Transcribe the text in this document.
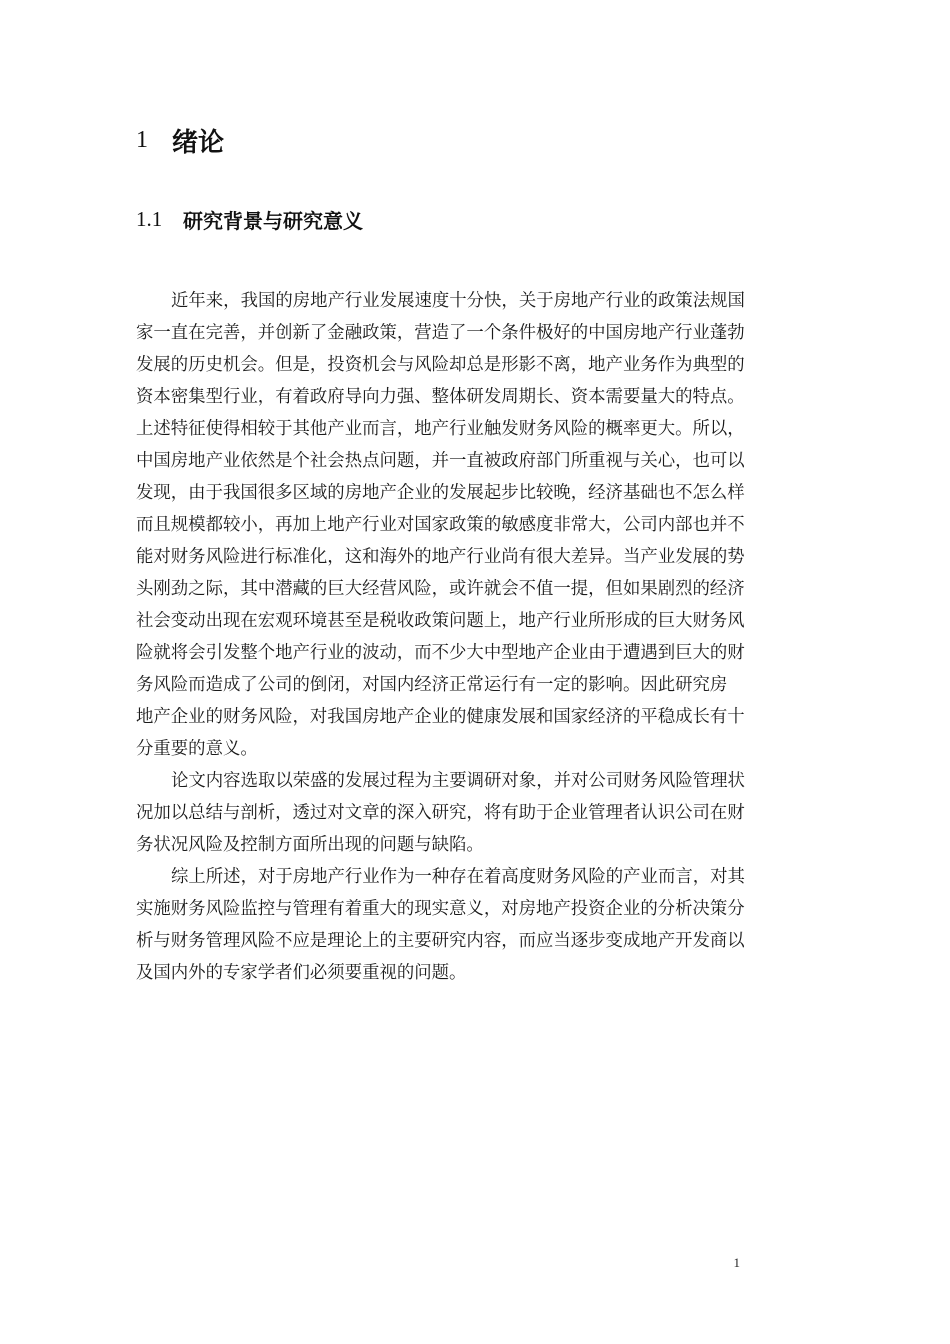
1 绪论
1.1	研究背景与研究意义
近年来，我国的房地产行业发展速度十分快，关于房地产行业的政策法规国
家一直在完善，并创新了金融政策，营造了一个条件极好的中国房地产行业蓬勃
发展的历史机会。但是，投资机会与风险却总是形影不离，地产业务作为典型的
资本密集型行业，有着政府导向力强、整体研发周期长、资本需要量大的特点。
上述特征使得相较于其他产业而言，地产行业触发财务风险的概率更大。所以，
中国房地产业依然是个社会热点问题，并一直被政府部门所重视与关心，也可以
发现，由于我国很多区域的房地产企业的发展起步比较晚，经济基础也不怎么样
而且规模都较小，再加上地产行业对国家政策的敏感度非常大，公司内部也并不
能对财务风险进行标准化，这和海外的地产行业尚有很大差异。当产业发展的势
头刚劲之际，其中潜藏的巨大经营风险，或许就会不值一提，但如果剧烈的经济
社会变动出现在宏观环境甚至是税收政策问题上，地产行业所形成的巨大财务风
险就将会引发整个地产行业的波动，而不少大中型地产企业由于遭遇到巨大的财
务风险而造成了公司的倒闭，对国内经济正常运行有一定的影响。因此研究房
地产企业的财务风险，对我国房地产企业的健康发展和国家经济的平稳成长有十
分重要的意义。
论文内容选取以荣盛的发展过程为主要调研对象，并对公司财务风险管理状
况加以总结与剖析，透过对文章的深入研究，将有助于企业管理者认识公司在财
务状况风险及控制方面所出现的问题与缺陷。
综上所述，对于房地产行业作为一种存在着高度财务风险的产业而言，对其
实施财务风险监控与管理有着重大的现实意义，对房地产投资企业的分析决策分
析与财务管理风险不应是理论上的主要研究内容，而应当逐步变成地产开发商以
及国内外的专家学者们必须要重视的问题。
1
